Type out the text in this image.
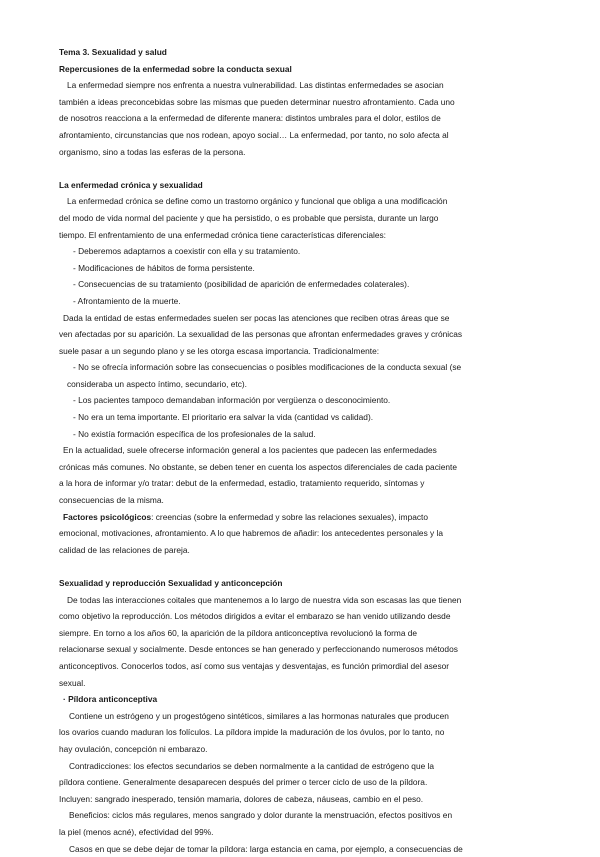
Tema 3. Sexualidad y salud
Repercusiones de la enfermedad sobre la conducta sexual
La enfermedad siempre nos enfrenta a nuestra vulnerabilidad. Las distintas enfermedades se asocian
también a ideas preconcebidas sobre las mismas que pueden determinar nuestro afrontamiento. Cada uno
de nosotros reacciona a la enfermedad de diferente manera: distintos umbrales para el dolor, estilos de
afrontamiento, circunstancias que nos rodean, apoyo social… La enfermedad, por tanto, no solo afecta al
organismo, sino a todas las esferas de la persona.
La enfermedad crónica y sexualidad
La enfermedad crónica se define como un trastorno orgánico y funcional que obliga a una modificación
del modo de vida normal del paciente y que ha persistido, o es probable que persista, durante un largo
tiempo. El enfrentamiento de una enfermedad crónica tiene características diferenciales:
- Deberemos adaptarnos a coexistir con ella y su tratamiento.
- Modificaciones de hábitos de forma persistente.
- Consecuencias de su tratamiento (posibilidad de aparición de enfermedades colaterales).
- Afrontamiento de la muerte.
Dada la entidad de estas enfermedades suelen ser pocas las atenciones que reciben otras áreas que se
ven afectadas por su aparición. La sexualidad de las personas que afrontan enfermedades graves y crónicas
suele pasar a un segundo plano y se les otorga escasa importancia. Tradicionalmente:
- No se ofrecía información sobre las consecuencias o posibles modificaciones de la conducta sexual (se
consideraba un aspecto íntimo, secundario, etc).
- Los pacientes tampoco demandaban información por vergüenza o desconocimiento.
- No era un tema importante. El prioritario era salvar la vida (cantidad vs calidad).
- No existía formación específica de los profesionales de la salud.
En la actualidad, suele ofrecerse información general a los pacientes que padecen las enfermedades
crónicas más comunes. No obstante, se deben tener en cuenta los aspectos diferenciales de cada paciente
a la hora de informar y/o tratar: debut de la enfermedad, estadio, tratamiento requerido, síntomas y
consecuencias de la misma.
Factores psicológicos: creencias (sobre la enfermedad y sobre las relaciones sexuales), impacto
emocional, motivaciones, afrontamiento. A lo que habremos de añadir: los antecedentes personales y la
calidad de las relaciones de pareja.
Sexualidad y reproducción Sexualidad y anticoncepción
De todas las interacciones coitales que mantenemos a lo largo de nuestra vida son escasas las que tienen
como objetivo la reproducción. Los métodos dirigidos a evitar el embarazo se han venido utilizando desde
siempre. En torno a los años 60, la aparición de la píldora anticonceptiva revolucionó la forma de
relacionarse sexual y socialmente. Desde entonces se han generado y perfeccionando numerosos métodos
anticonceptivos. Conocerlos todos, así como sus ventajas y desventajas, es función primordial del asesor
sexual.
· Píldora anticonceptiva
Contiene un estrógeno y un progestógeno sintéticos, similares a las hormonas naturales que producen
los ovarios cuando maduran los folículos. La píldora impide la maduración de los óvulos, por lo tanto, no
hay ovulación, concepción ni embarazo.
Contradicciones: los efectos secundarios se deben normalmente a la cantidad de estrógeno que la
píldora contiene. Generalmente desaparecen después del primer o tercer ciclo de uso de la píldora.
Incluyen: sangrado inesperado, tensión mamaria, dolores de cabeza, náuseas, cambio en el peso.
Beneficios: ciclos más regulares, menos sangrado y dolor durante la menstruación, efectos positivos en
la piel (menos acné), efectividad del 99%.
Casos en que se debe dejar de tomar la píldora: larga estancia en cama, por ejemplo, a consecuencias de
